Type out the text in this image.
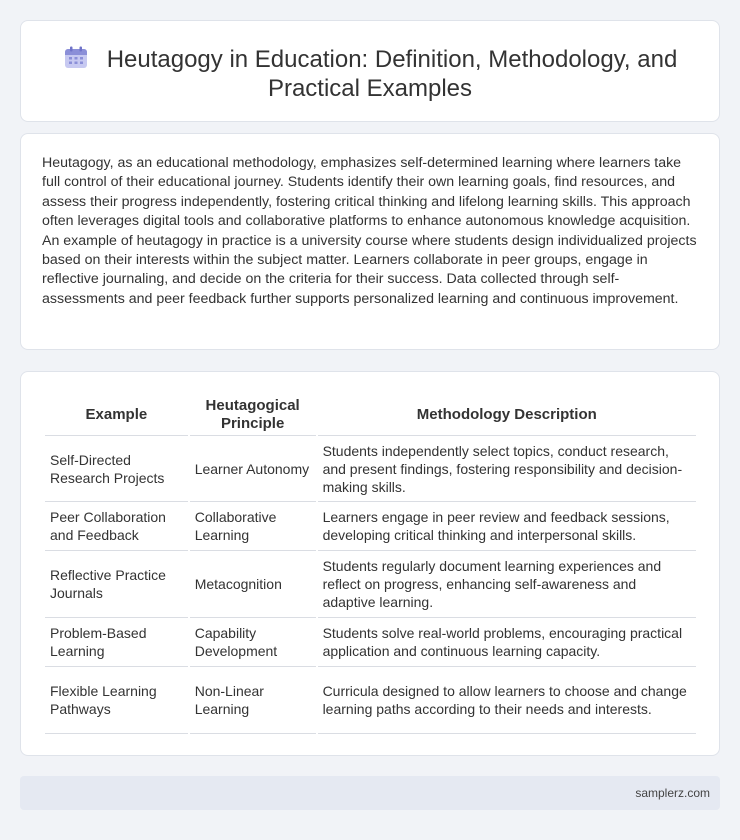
Heutagogy in Education: Definition, Methodology, and Practical Examples

Heutagogy, as an educational methodology, emphasizes self-determined learning where learners take full control of their educational journey. Students identify their own learning goals, find resources, and assess their progress independently, fostering critical thinking and lifelong learning skills. This approach often leverages digital tools and collaborative platforms to enhance autonomous knowledge acquisition. An example of heutagogy in practice is a university course where students design individualized projects based on their interests within the subject matter. Learners collaborate in peer groups, engage in reflective journaling, and decide on the criteria for their success. Data collected through self-assessments and peer feedback further supports personalized learning and continuous improvement.

Example	Heutagogical Principle	Methodology Description
Self-Directed Research Projects	Learner Autonomy	Students independently select topics, conduct research, and present findings, fostering responsibility and decision-making skills.
Peer Collaboration and Feedback	Collaborative Learning	Learners engage in peer review and feedback sessions, developing critical thinking and interpersonal skills.
Reflective Practice Journals	Metacognition	Students regularly document learning experiences and reflect on progress, enhancing self-awareness and adaptive learning.
Problem-Based Learning	Capability Development	Students solve real-world problems, encouraging practical application and continuous learning capacity.
Flexible Learning Pathways	Non-Linear Learning	Curricula designed to allow learners to choose and change learning paths according to their needs and interests.
samplerz.com
